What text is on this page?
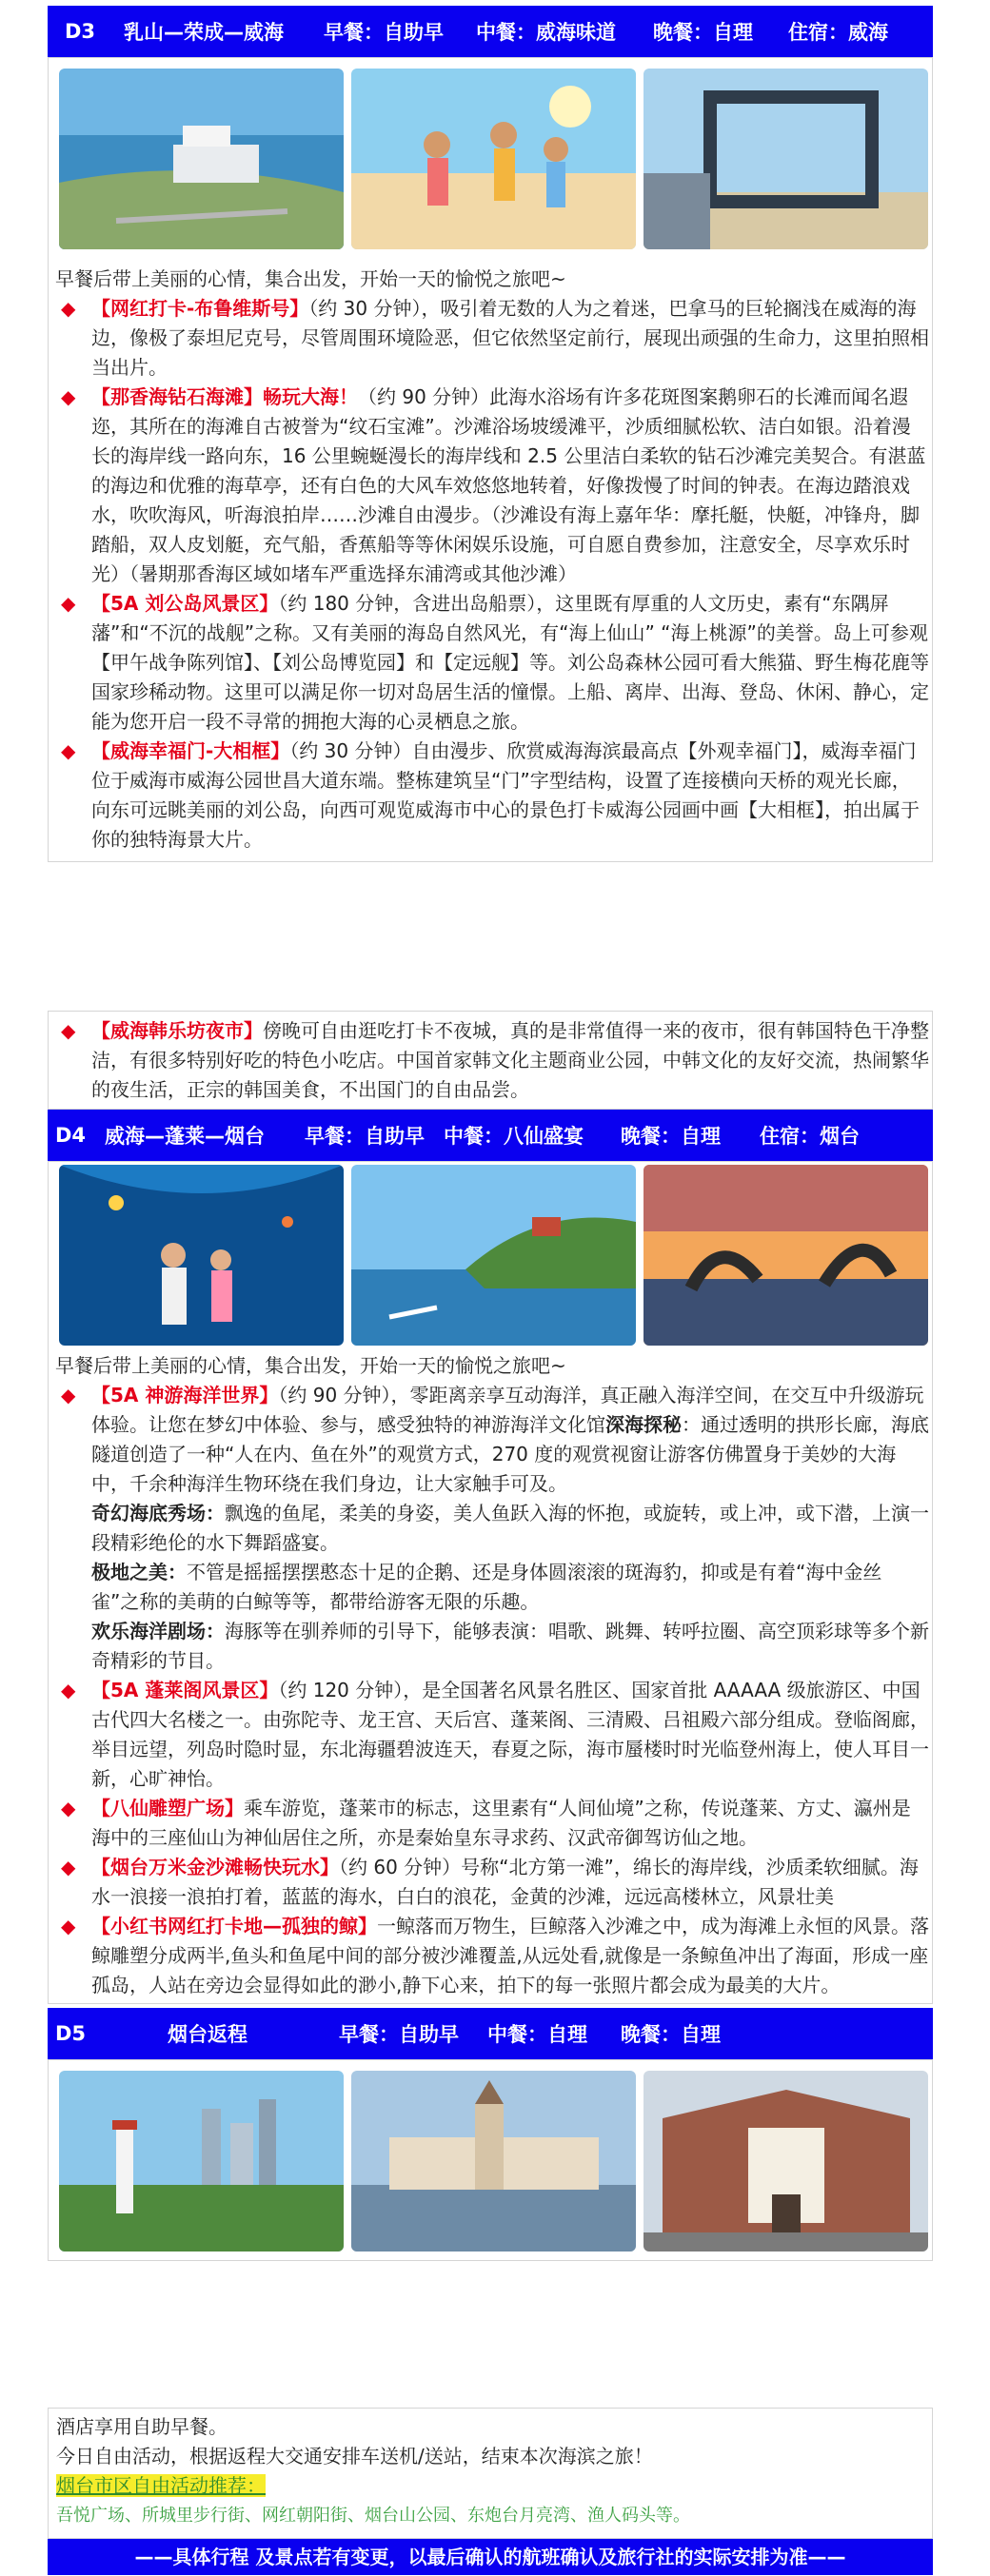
D3	乳山—荣成—威海	早餐：自助早	中餐：威海味道	晚餐：自理	住宿：威海
早餐后带上美丽的心情，集合出发，开始一天的愉悦之旅吧~
◆ 【网红打卡-布鲁维斯号】（约 30 分钟），吸引着无数的人为之着迷，巴拿马的巨轮搁浅在威海的海边，像极了泰坦尼克号，尽管周围环境险恶，但它依然坚定前行，展现出顽强的生命力，这里拍照相当出片。
◆ 【那香海钻石海滩】畅玩大海！（约 90 分钟）此海水浴场有许多花斑图案鹅卵石的长滩而闻名遐迩，其所在的海滩自古被誉为“纹石宝滩”。沙滩浴场坡缓滩平，沙质细腻松软、洁白如银。沿着漫长的海岸线一路向东，16 公里蜿蜒漫长的海岸线和 2.5 公里洁白柔软的钻石沙滩完美契合。有湛蓝的海边和优雅的海草亭，还有白色的大风车效悠悠地转着，好像拨慢了时间的钟表。在海边踏浪戏水，吹吹海风，听海浪拍岸……沙滩自由漫步。（沙滩设有海上嘉年华：摩托艇，快艇，冲锋舟，脚踏船，双人皮划艇，充气船，香蕉船等等休闲娱乐设施，可自愿自费参加，注意安全，尽享欢乐时光）（暑期那香海区域如堵车严重选择东浦湾或其他沙滩）
◆ 【5A 刘公岛风景区】（约 180 分钟，含进出岛船票），这里既有厚重的人文历史，素有“东隅屏藩”和“不沉的战舰”之称。又有美丽的海岛自然风光，有“海上仙山” “海上桃源”的美誉。岛上可参观【甲午战争陈列馆】、【刘公岛博览园】和【定远舰】等。刘公岛森林公园可看大熊猫、野生梅花鹿等国家珍稀动物。这里可以满足你一切对岛居生活的憧憬。上船、离岸、出海、登岛、休闲、静心，定能为您开启一段不寻常的拥抱大海的心灵栖息之旅。
◆ 【威海幸福门-大相框】（约 30 分钟）自由漫步、欣赏威海海滨最高点【外观幸福门】，威海幸福门位于威海市威海公园世昌大道东端。整栋建筑呈“门”字型结构，设置了连接横向天桥的观光长廊，向东可远眺美丽的刘公岛，向西可观览威海市中心的景色打卡威海公园画中画【大相框】，拍出属于你的独特海景大片。
◆ 【威海韩乐坊夜市】傍晚可自由逛吃打卡不夜城，真的是非常值得一来的夜市，很有韩国特色干净整洁，有很多特别好吃的特色小吃店。中国首家韩文化主题商业公园，中韩文化的友好交流，热闹繁华的夜生活，正宗的韩国美食，不出国门的自由品尝。
D4 威海—蓬莱—烟台	早餐：自助早 中餐：八仙盛宴	晚餐：自理	住宿：烟台
早餐后带上美丽的心情，集合出发，开始一天的愉悦之旅吧~
◆ 【5A 神游海洋世界】（约 90 分钟），零距离亲享互动海洋，真正融入海洋空间，在交互中升级游玩体验。让您在梦幻中体验、参与，感受独特的神游海洋文化馆深海探秘：通过透明的拱形长廊，海底隧道创造了一种“人在内、鱼在外”的观赏方式，270 度的观赏视窗让游客仿佛置身于美妙的大海中，千余种海洋生物环绕在我们身边，让大家触手可及。
奇幻海底秀场：飘逸的鱼尾，柔美的身姿，美人鱼跃入海的怀抱，或旋转，或上冲，或下潜，上演一段精彩绝伦的水下舞蹈盛宴。
极地之美：不管是摇摇摆摆憨态十足的企鹅、还是身体圆滚滚的斑海豹，抑或是有着“海中金丝雀”之称的美萌的白鲸等等，都带给游客无限的乐趣。
欢乐海洋剧场：海豚等在驯养师的引导下，能够表演：唱歌、跳舞、转呼拉圈、高空顶彩球等多个新奇精彩的节目。
◆ 【5A 蓬莱阁风景区】（约 120 分钟），是全国著名风景名胜区、国家首批 AAAAA 级旅游区、中国古代四大名楼之一。由弥陀寺、龙王宫、天后宫、蓬莱阁、三清殿、吕祖殿六部分组成。登临阁廊，举目远望，列岛时隐时显，东北海疆碧波连天，春夏之际，海市蜃楼时时光临登州海上，使人耳目一新，心旷神怡。
◆ 【八仙雕塑广场】乘车游览，蓬莱市的标志，这里素有“人间仙境”之称，传说蓬莱、方丈、瀛州是海中的三座仙山为神仙居住之所，亦是秦始皇东寻求药、汉武帝御驾访仙之地。
◆ 【烟台万米金沙滩畅快玩水】（约 60 分钟）号称“北方第一滩”，绵长的海岸线，沙质柔软细腻。海水一浪接一浪拍打着，蓝蓝的海水，白白的浪花，金黄的沙滩，远远高楼林立，风景壮美
◆ 【小红书网红打卡地—孤独的鲸】一鲸落而万物生，巨鲸落入沙滩之中，成为海滩上永恒的风景。落鲸雕塑分成两半,鱼头和鱼尾中间的部分被沙滩覆盖,从远处看,就像是一条鲸鱼冲出了海面，形成一座孤岛，人站在旁边会显得如此的渺小,静下心来，拍下的每一张照片都会成为最美的大片。
D5	烟台返程	早餐：自助早	中餐：自理	晚餐：自理
酒店享用自助早餐。
今日自由活动，根据返程大交通安排车送机/送站，结束本次海滨之旅！
烟台市区自由活动推荐：
吾悦广场、所城里步行街、网红朝阳街、烟台山公园、东炮台月亮湾、渔人码头等。
——具体行程 及景点若有变更，以最后确认的航班确认及旅行社的实际安排为准——
